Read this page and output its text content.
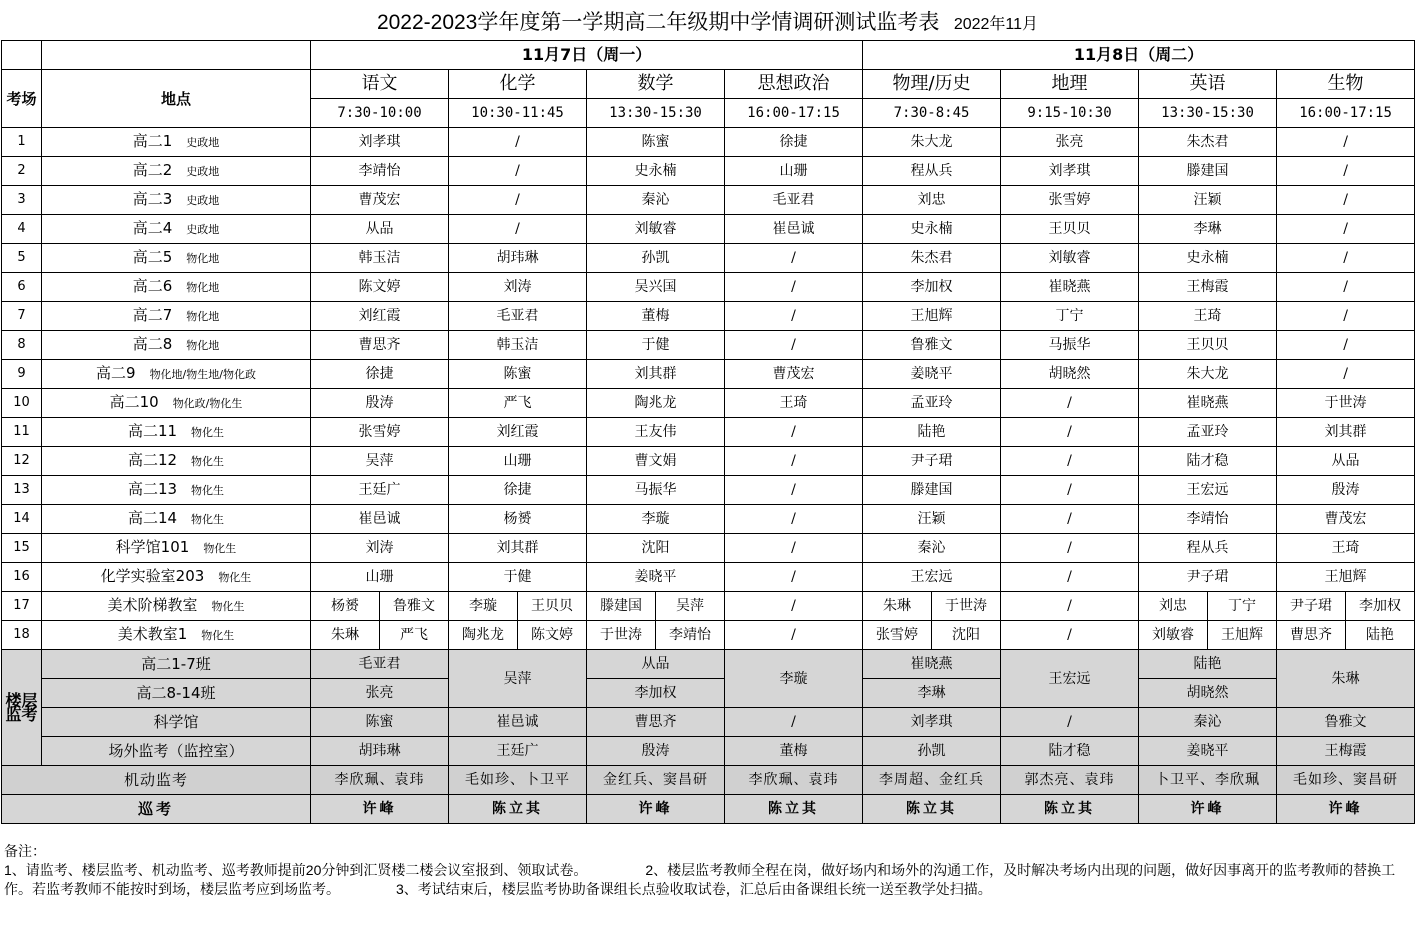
2022-2023学年度第一学期高二年级期中学情调研测试监考表 2022年11月
		11月7日（周一）				11月8日（周二）			
考场	地点	语文	化学	数学	思想政治	物理/历史	地理	英语	生物
		7:30-10:00	10:30-11:45	13:30-15:30	16:00-17:15	7:30-8:45	9:15-10:30	13:30-15:30	16:00-17:15
1	高二1 史政地	刘孝琪	/	陈蜜	徐捷	朱大龙	张亮	朱杰君	/
2	高二2 史政地	李靖怡	/	史永楠	山珊	程从兵	刘孝琪	滕建国	/
3	高二3 史政地	曹茂宏	/	秦沁	毛亚君	刘忠	张雪婷	汪颖	/
4	高二4 史政地	从品	/	刘敏睿	崔邑诚	史永楠	王贝贝	李琳	/
5	高二5 物化地	韩玉洁	胡玮琳	孙凯	/	朱杰君	刘敏睿	史永楠	/
6	高二6 物化地	陈文婷	刘涛	吴兴国	/	李加权	崔晓燕	王梅霞	/
7	高二7 物化地	刘红霞	毛亚君	董梅	/	王旭辉	丁宁	王琦	/
8	高二8 物化地	曹思齐	韩玉洁	于健	/	鲁雅文	马振华	王贝贝	/
9	高二9 物化地/物生地/物化政	徐捷	陈蜜	刘其群	曹茂宏	姜晓平	胡晓然	朱大龙	/
10	高二10 物化政/物化生	殷涛	严飞	陶兆龙	王琦	孟亚玲	/	崔晓燕	于世涛
11	高二11 物化生	张雪婷	刘红霞	王友伟	/	陆艳	/	孟亚玲	刘其群
12	高二12 物化生	吴萍	山珊	曹文娟	/	尹子珺	/	陆才稳	从品
13	高二13 物化生	王廷广	徐捷	马振华	/	滕建国	/	王宏远	殷涛
14	高二14 物化生	崔邑诚	杨赟	李璇	/	汪颖	/	李靖怡	曹茂宏
15	科学馆101 物化生	刘涛	刘其群	沈阳	/	秦沁	/	程从兵	王琦
16	化学实验室203 物化生	山珊	于健	姜晓平	/	王宏远	/	尹子珺	王旭辉
17	美术阶梯教室 物化生	杨赟 鲁雅文	李璇 王贝贝	滕建国 吴萍	/	朱琳 于世涛	/	刘忠 丁宁	尹子珺 李加权

18	美术教室1 物化生	朱琳 严飞	陶兆龙 陈文婷	于世涛 李靖怡	/	张雪婷 沈阳	/	刘敏睿 王旭辉	曹思齐 陆艳

楼层监考	高二1-7班	毛亚君	吴萍	从品	李璇	崔晓燕	王宏远	陆艳	朱琳
	高二8-14班	张亮		李加权		李琳		胡晓然	
	科学馆	陈蜜	崔邑诚	曹思齐	/	刘孝琪	/	秦沁	鲁雅文
	场外监考（监控室）	胡玮琳	王廷广	殷涛	董梅	孙凯	陆才稳	姜晓平	王梅霞
机动监考		李欣珮、袁玮	毛如珍、卜卫平	金红兵、窦昌研	李欣珮、袁玮	李周超、金红兵	郭杰亮、袁玮	卜卫平、李欣珮	毛如珍、窦昌研
巡考		许峰	陈立其	许峰	陈立其	陈立其	陈立其	许峰	许峰
备注：
1、请监考、楼层监考、机动监考、巡考教师提前20分钟到汇贤楼二楼会议室报到、领取试卷。	2、楼层监考教师全程在岗，做好场内和场外的沟通工作，及时解决考场内出现的问题，做好因事离开的监考教师的替换工作。若监考教师不能按时到场，楼层监考应到场监考。	3、考试结束后，楼层监考协助备课组长点验收取试卷，汇总后由备课组长统一送至教学处扫描。
